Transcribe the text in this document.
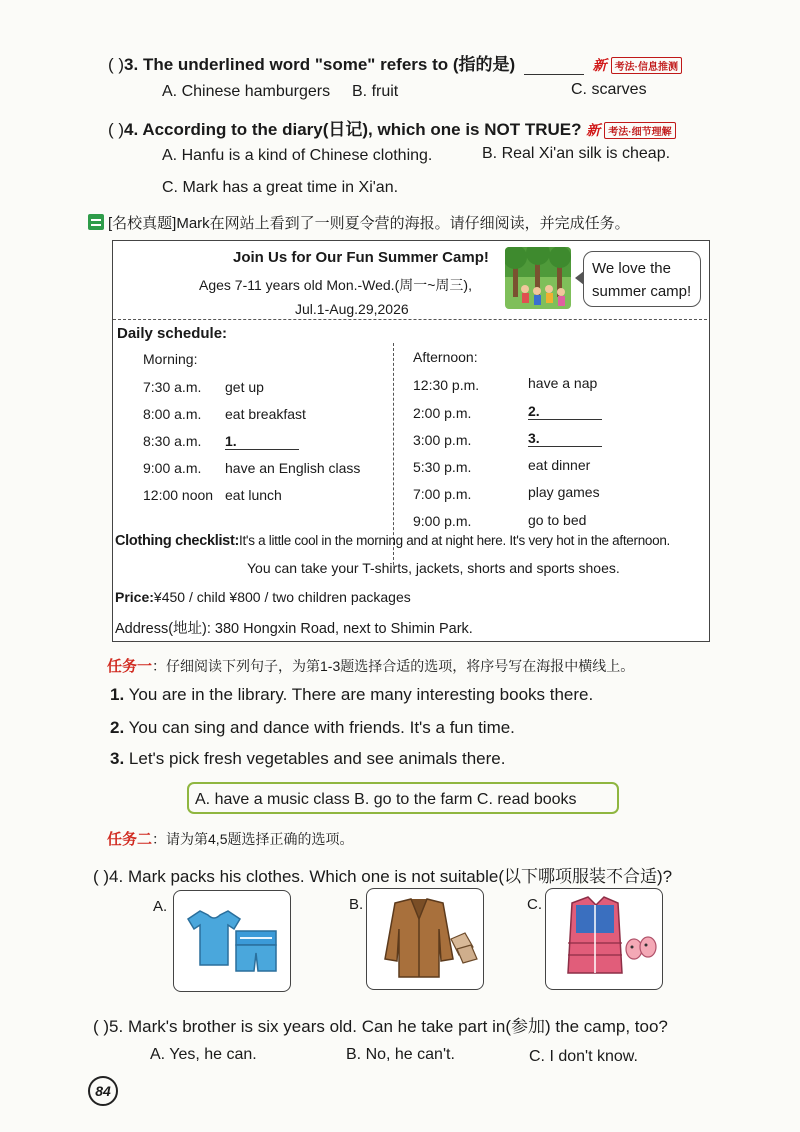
( )3. The underlined word "some" refers to (指的是)	新 考法·信息推测
A. Chinese hamburgers B. fruit	C. scarves
( )4. According to the diary(日记), which one is NOT TRUE? 新 考法·细节理解
A. Hanfu is a kind of Chinese clothing.	B. Real Xi'an silk is cheap.
C. Mark has a great time in Xi'an.
[名校真题]Mark在网站上看到了一则夏令营的海报。请仔细阅读，并完成任务。
Join Us for Our Fun Summer Camp!
Ages 7-11 years old Mon.-Wed.(周一~周三),
Jul.1-Aug.29,2026
We love the summer camp!
Daily schedule:
Morning:	Afternoon:
7:30 a.m. get up
8:00 a.m. eat breakfast
8:30 a.m. 1.
9:00 a.m. have an English class
12:00 noon eat lunch
12:30 p.m.	have a nap
2:00 p.m.	2.
3:00 p.m.	3.
5:30 p.m.	eat dinner
7:00 p.m.	play games
9:00 p.m.	go to bed
Clothing checklist:It's a little cool in the morning and at night here. It's very hot in the afternoon.
You can take your T-shirts, jackets, shorts and sports shoes.
Price:¥450 / child ¥800 / two children packages
Address(地址): 380 Hongxin Road, next to Shimin Park.
任务一：仔细阅读下列句子，为第1-3题选择合适的选项，将序号写在海报中横线上。
1. You are in the library. There are many interesting books there.
2. You can sing and dance with friends. It's a fun time.
3. Let's pick fresh vegetables and see animals there.
A. have a music class B. go to the farm C. read books
任务二：请为第4,5题选择正确的选项。
( )4. Mark packs his clothes. Which one is not suitable(以下哪项服装不合适)?
A.	B.	C.
( )5. Mark's brother is six years old. Can he take part in(参加) the camp, too?
A. Yes, he can.	B. No, he can't.	C. I don't know.
84
